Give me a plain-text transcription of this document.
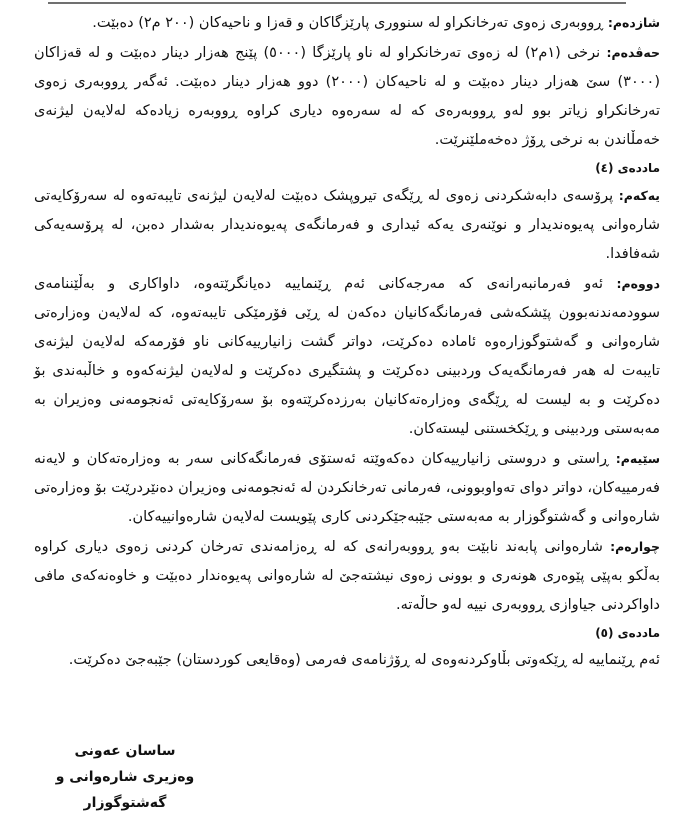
شازدەم: ڕووبەری زەوی تەرخانکراو لە سنووری پارێزگاکان و قەزا و ناحیەکان (٢٠٠ م٢) دەبێت.

حەڤدەم: نرخی (١م٢) لە زەوی تەرخانکراو لە ناو پارێزگا (٥٠٠٠) پێنج هەزار دینار دەبێت و لە قەزاکان (٣٠٠٠) سێ هەزار دینار دەبێت و لە ناحیەکان (٢٠٠٠) دوو هەزار دینار دەبێت. ئەگەر ڕووبەری زەوی تەرخانکراو زیاتر بوو لەو ڕووبەرەی کە لە سەرەوە دیاری کراوە ڕووبەرە زیادەکە لەلایەن لیژنەی خەمڵاندن بە نرخی ڕۆژ دەخەملێنرێت.

ماددەی (٤)

یەکەم: پرۆسەی دابەشکردنی زەوی لە ڕێگەی تیروپشک دەبێت لەلایەن لیژنەی تایبەتەوە لە سەرۆکایەتی شارەوانی پەیوەندیدار و نوێنەری یەکە ئیداری و فەرمانگەی پەیوەندیدار بەشدار دەبن، لە پرۆسەیەکی شەفافدا.

دووەم: ئەو فەرمانبەرانەی کە مەرجەکانی ئەم ڕێنماییە دەیانگرێتەوە، داواکاری و بەڵێننامەی سوودمەندنەبوون پێشکەشی فەرمانگەکانیان دەکەن لە ڕێی فۆرمێکی تایبەتەوە، کە لەلایەن وەزارەتی شارەوانی و گەشتوگوزارەوە ئامادە دەکرێت، دواتر گشت زانیارییەکانی ناو فۆرمەکە لەلایەن لیژنەی تایبەت لە هەر فەرمانگەیەک وردبینی دەکرێت و پشتگیری دەکرێت و لەلایەن لیژنەکەوە و خاڵبەندی بۆ دەکرێت و بە لیست لە ڕێگەی وەزارەتەکانیان بەرزدەکرێتەوە بۆ سەرۆکایەتی ئەنجومەنی وەزیران بە مەبەستی وردبینی و ڕێکخستنی لیستەکان.

سێیەم: ڕاستی و دروستی زانیارییەکان دەکەوێتە ئەستۆی فەرمانگەکانی سەر بە وەزارەتەکان و لایەنە فەرمییەکان، دواتر دوای تەواوبوونی، فەرمانی تەرخانکردن لە ئەنجومەنی وەزیران دەنێردرێت بۆ وەزارەتی شارەوانی و گەشتوگوزار بە مەبەستی جێبەجێکردنی کاری پێویست لەلایەن شارەوانییەکان.

چوارەم: شارەوانی پابەند نابێت بەو ڕووبەرانەی کە لە ڕەزامەندی تەرخان کردنی زەوی دیاری کراوە بەڵکو بەپێی پێوەری هونەری و بوونی زەوی نیشتەجێ لە شارەوانی پەیوەندار دەبێت و خاوەنەکەی مافی داواکردنی جیاوازی ڕووبەری نییە لەو حاڵەتە.

ماددەی (٥)

ئەم ڕێنماییە لە ڕێکەوتی بڵاوکردنەوەی لە ڕۆژنامەی فەرمی (وەقایعی کوردستان) جێبەجێ دەکرێت.

ساسان عەونی
وەزیری شارەوانی و گەشتوگوزار
